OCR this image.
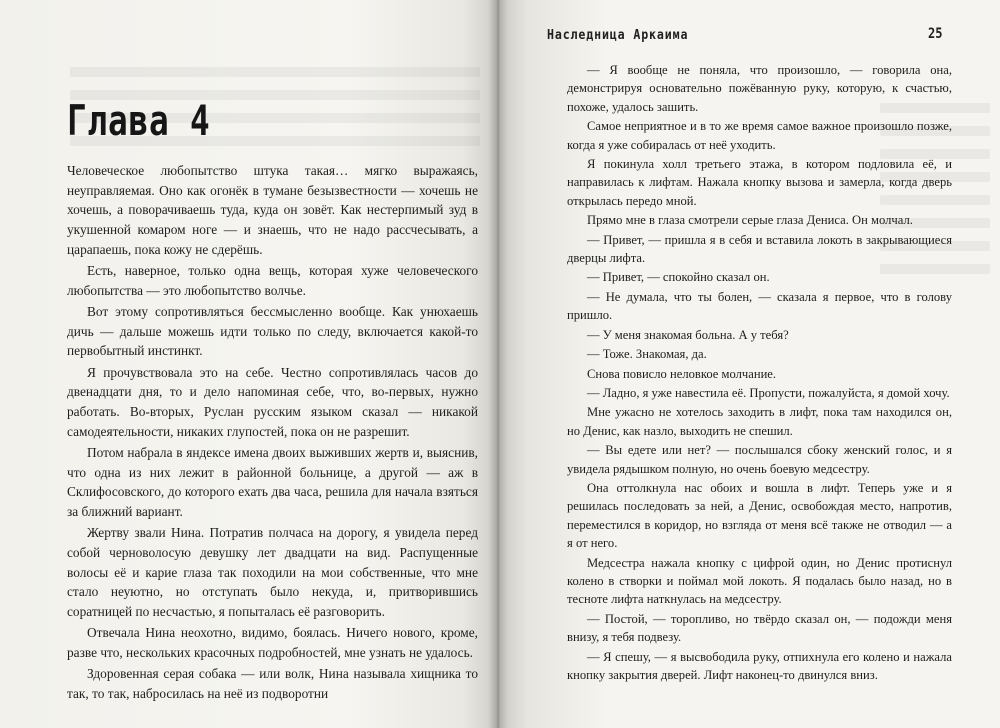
Глава 4

Человеческое любопытство штука такая… мягко выражаясь, неуправляемая. Оно как огонёк в тумане безызвестности — хочешь не хочешь, а поворачиваешь туда, куда он зовёт. Как нестерпимый зуд в укушенной комаром ноге — и знаешь, что не надо рассчесывать, а царапаешь, пока кожу не сдерёшь.

Есть, наверное, только одна вещь, которая хуже человеческого любопытства — это любопытство волчье.

Вот этому сопротивляться бессмысленно вообще. Как унюхаешь дичь — дальше можешь идти только по следу, включается какой-то первобытный инстинкт.

Я прочувствовала это на себе. Честно сопротивлялась часов до двенадцати дня, то и дело напоминая себе, что, во-первых, нужно работать. Во-вторых, Руслан русским языком сказал — никакой самодеятельности, никаких глупостей, пока он не разрешит.

Потом набрала в яндексе имена двоих выживших жертв и, выяснив, что одна из них лежит в районной больнице, а другой — аж в Склифосовского, до которого ехать два часа, решила для начала взяться за ближний вариант.

Жертву звали Нина. Потратив полчаса на дорогу, я увидела перед собой черноволосую девушку лет двадцати на вид. Распущенные волосы её и карие глаза так походили на мои собственные, что мне стало неуютно, но отступать было некуда, и, притворившись соратницей по несчастью, я попыталась её разговорить.

Отвечала Нина неохотно, видимо, боялась. Ничего нового, кроме, разве что, нескольких красочных подробностей, мне узнать не удалось.

Здоровенная серая собака — или волк, Нина называла хищника то так, то так, набросилась на неё из подворотни

Наследница Аркаима	25

— Я вообще не поняла, что произошло, — говорила она, демонстрируя основательно пожёванную руку, которую, к счастью, похоже, удалось зашить.

Самое неприятное и в то же время самое важное произошло позже, когда я уже собиралась от неё уходить.

Я покинула холл третьего этажа, в котором подловила её, и направилась к лифтам. Нажала кнопку вызова и замерла, когда дверь открылась передо мной.

Прямо мне в глаза смотрели серые глаза Дениса. Он молчал.

— Привет, — пришла я в себя и вставила локоть в закрывающиеся дверцы лифта.

— Привет, — спокойно сказал он.

— Не думала, что ты болен, — сказала я первое, что в голову пришло.

— У меня знакомая больна. А у тебя?

— Тоже. Знакомая, да.

Снова повисло неловкое молчание.

— Ладно, я уже навестила её. Пропусти, пожалуйста, я домой хочу.

Мне ужасно не хотелось заходить в лифт, пока там находился он, но Денис, как назло, выходить не спешил.

— Вы едете или нет? — послышался сбоку женский голос, и я увидела рядышком полную, но очень боевую медсестру.

Она оттолкнула нас обоих и вошла в лифт. Теперь уже и я решилась последовать за ней, а Денис, освобождая место, напротив, переместился в коридор, но взгляда от меня всё также не отводил — а я от него.

Медсестра нажала кнопку с цифрой один, но Денис протиснул колено в створки и поймал мой локоть. Я подалась было назад, но в тесноте лифта наткнулась на медсестру.

— Постой, — торопливо, но твёрдо сказал он, — подожди меня внизу, я тебя подвезу.

— Я спешу, — я высвободила руку, отпихнула его колено и нажала кнопку закрытия дверей. Лифт наконец-то двинулся вниз.
